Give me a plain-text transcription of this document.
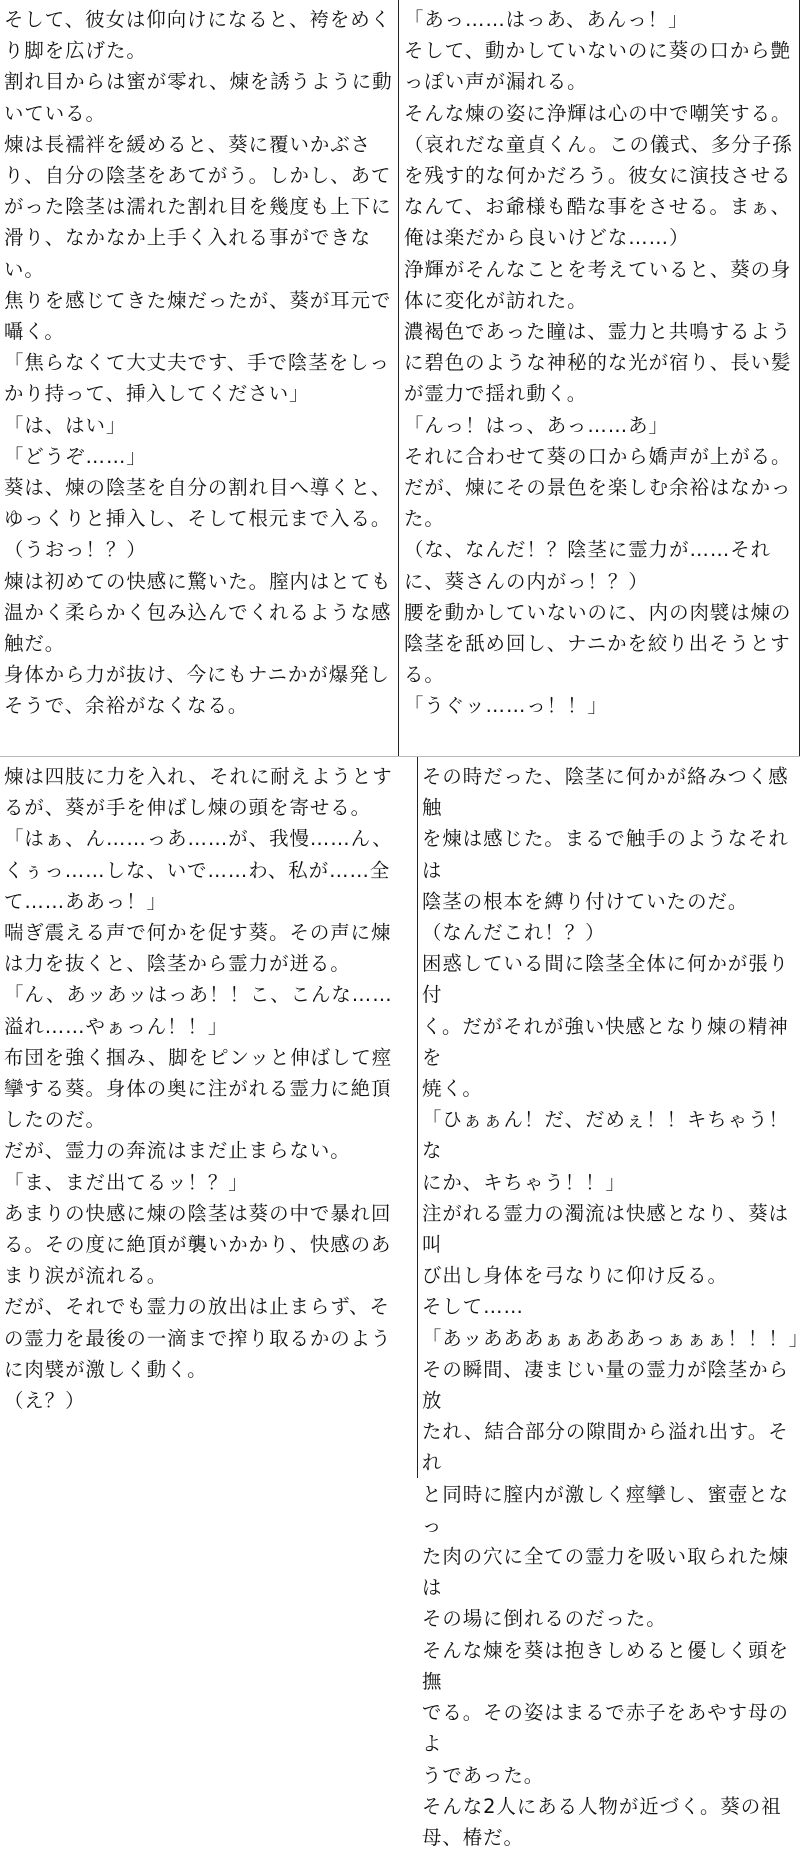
そして、彼女は仰向けになると、袴をめく
り脚を広げた。

割れ目からは蜜が零れ、煉を誘うように動
いている。

煉は長襦袢を緩めると、葵に覆いかぶさ
り、自分の陰茎をあてがう。しかし、あて
がった陰茎は濡れた割れ目を幾度も上下に
滑り、なかなか上手く入れる事ができな
い。

焦りを感じてきた煉だったが、葵が耳元で
囁く。

「焦らなくて大丈夫です、手で陰茎をしっ
かり持って、挿入してください」

「は、はい」

「どうぞ……」

葵は、煉の陰茎を自分の割れ目へ導くと、
ゆっくりと挿入し、そして根元まで入る。

（うおっ！？）

煉は初めての快感に驚いた。膣内はとても
温かく柔らかく包み込んでくれるような感
触だ。

身体から力が抜け、今にもナニかが爆発し
そうで、余裕がなくなる。

「あっ……はっあ、あんっ！」

そして、動かしていないのに葵の口から艶
っぽい声が漏れる。

そんな煉の姿に浄輝は心の中で嘲笑する。

（哀れだな童貞くん。この儀式、多分子孫
を残す的な何かだろう。彼女に演技させる
なんて、お爺様も酷な事をさせる。まぁ、
俺は楽だから良いけどな……）

浄輝がそんなことを考えていると、葵の身
体に変化が訪れた。

濃褐色であった瞳は、霊力と共鳴するよう
に碧色のような神秘的な光が宿り、長い髪
が霊力で揺れ動く。

「んっ！はっ、あっ……あ」

それに合わせて葵の口から嬌声が上がる。

だが、煉にその景色を楽しむ余裕はなかっ
た。

（な、なんだ！？陰茎に霊力が……それ
に、葵さんの内がっ！？）

腰を動かしていないのに、内の肉襞は煉の
陰茎を舐め回し、ナニかを絞り出そうとす
る。

「うぐッ……っ！！」

煉は四肢に力を入れ、それに耐えようとす
るが、葵が手を伸ばし煉の頭を寄せる。

「はぁ、ん……っあ……が、我慢……ん、
くぅっ……しな、いで……わ、私が……全
て……ああっ！」

喘ぎ震える声で何かを促す葵。その声に煉
は力を抜くと、陰茎から霊力が迸る。

「ん、あッあッはっあ！！こ、こんな……
溢れ……やぁっん！！」

布団を強く掴み、脚をピンッと伸ばして痙
攣する葵。身体の奥に注がれる霊力に絶頂
したのだ。

だが、霊力の奔流はまだ止まらない。

「ま、まだ出てるッ！？」

あまりの快感に煉の陰茎は葵の中で暴れ回
る。その度に絶頂が襲いかかり、快感のあ
まり涙が流れる。

だが、それでも霊力の放出は止まらず、そ
の霊力を最後の一滴まで搾り取るかのよう
に肉襞が激しく動く。

（え？）

その時だった、陰茎に何かが絡みつく感触
を煉は感じた。まるで触手のようなそれは
陰茎の根本を縛り付けていたのだ。

（なんだこれ！？）

困惑している間に陰茎全体に何かが張り付
く。だがそれが強い快感となり煉の精神を
焼く。

「ひぁぁん！だ、だめぇ！！キちゃう！な
にか、キちゃう！！」

注がれる霊力の濁流は快感となり、葵は叫
び出し身体を弓なりに仰け反る。

そして……

「あッあああぁぁあああっぁぁぁ！！！」

その瞬間、凄まじい量の霊力が陰茎から放
たれ、結合部分の隙間から溢れ出す。それ
と同時に膣内が激しく痙攣し、蜜壺となっ
た肉の穴に全ての霊力を吸い取られた煉は
その場に倒れるのだった。

そんな煉を葵は抱きしめると優しく頭を撫
でる。その姿はまるで赤子をあやす母のよ
うであった。

そんな2人にある人物が近づく。葵の祖
母、椿だ。
